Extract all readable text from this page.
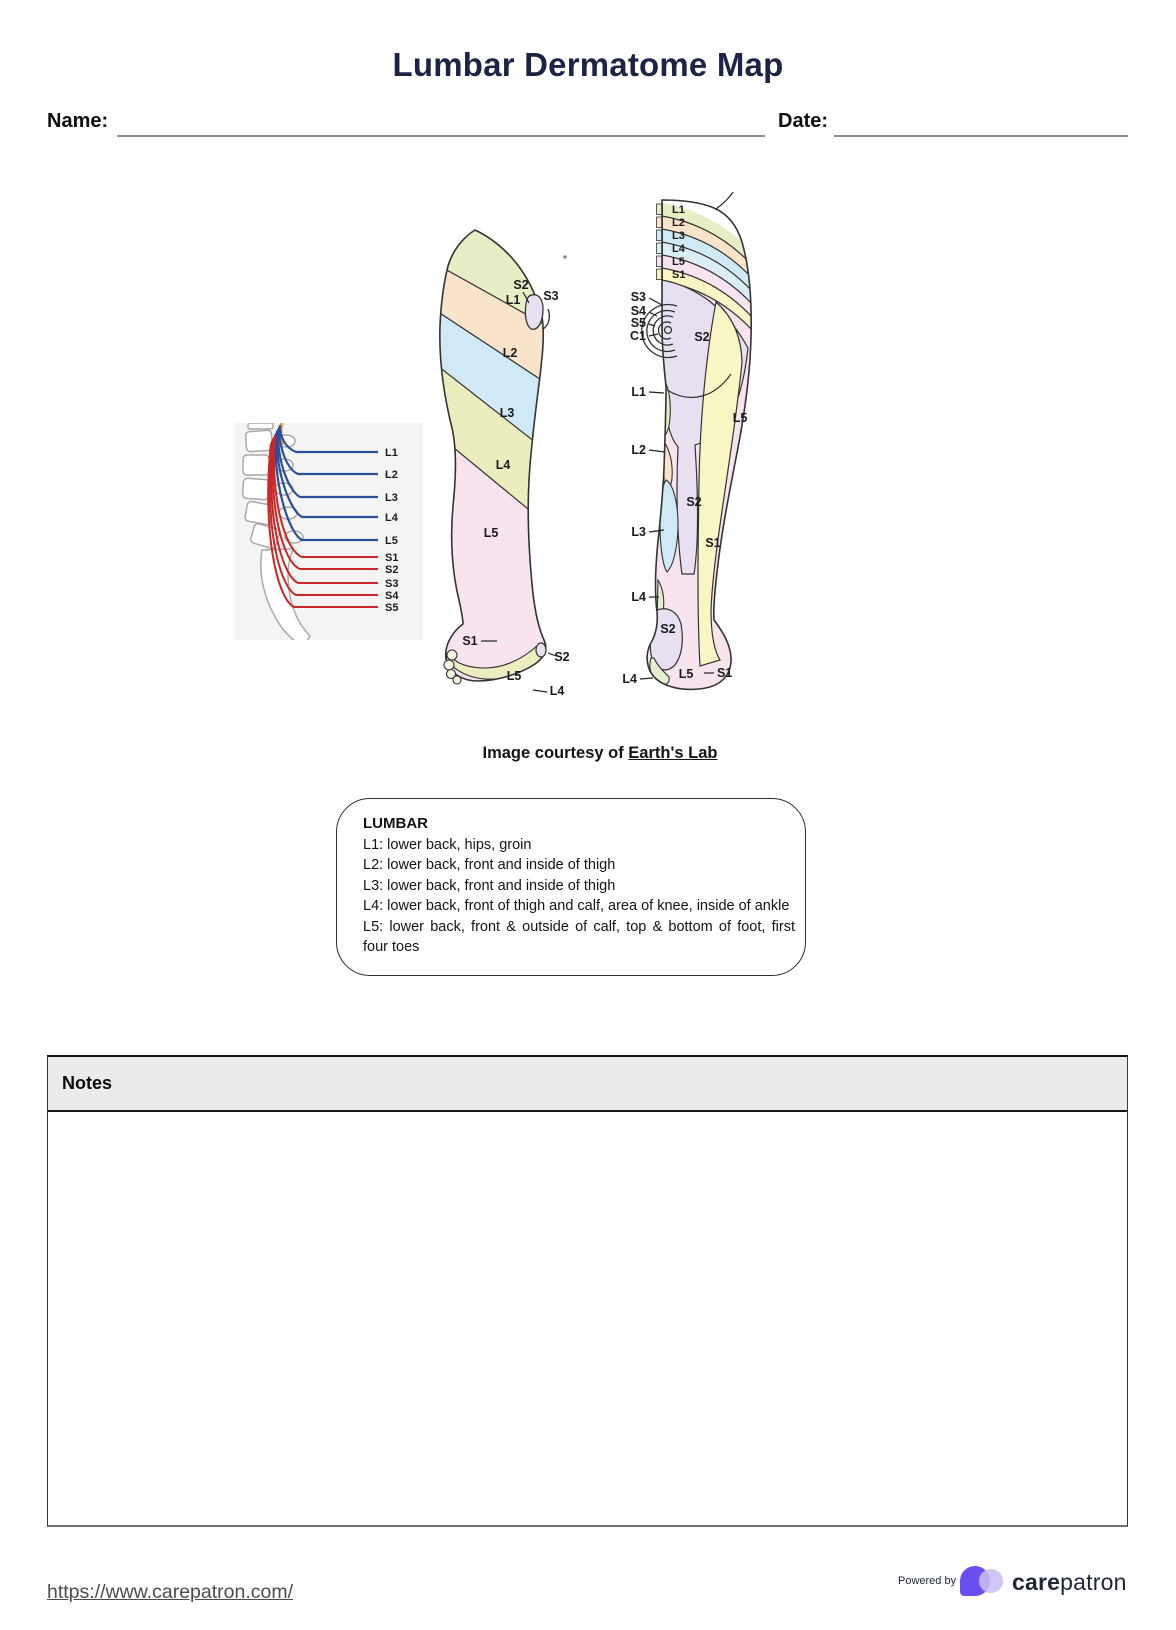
Lumbar Dermatome Map
Name:	Date:
L1
L2
L3
L4
L5
S1
S2
S3
S4
S5
S2
S3
L1
L2
L3
L4
L5
S1
S2
L5
L4
L1
L2
L3
L4
L5
S1
S3
S4
S5
C1	S2
L1
L2
S2
L3
S1
L5
L4
S2
L4	L5 S1
Image courtesy of Earth's Lab
LUMBAR
L1: lower back, hips, groin
L2: lower back, front and inside of thigh
L3: lower back, front and inside of thigh
L4: lower back, front of thigh and calf, area of knee, inside of ankle
L5: lower back, front & outside of calf, top & bottom of foot, first four toes
Notes
https://www.carepatron.com/	Powered by carepatron
